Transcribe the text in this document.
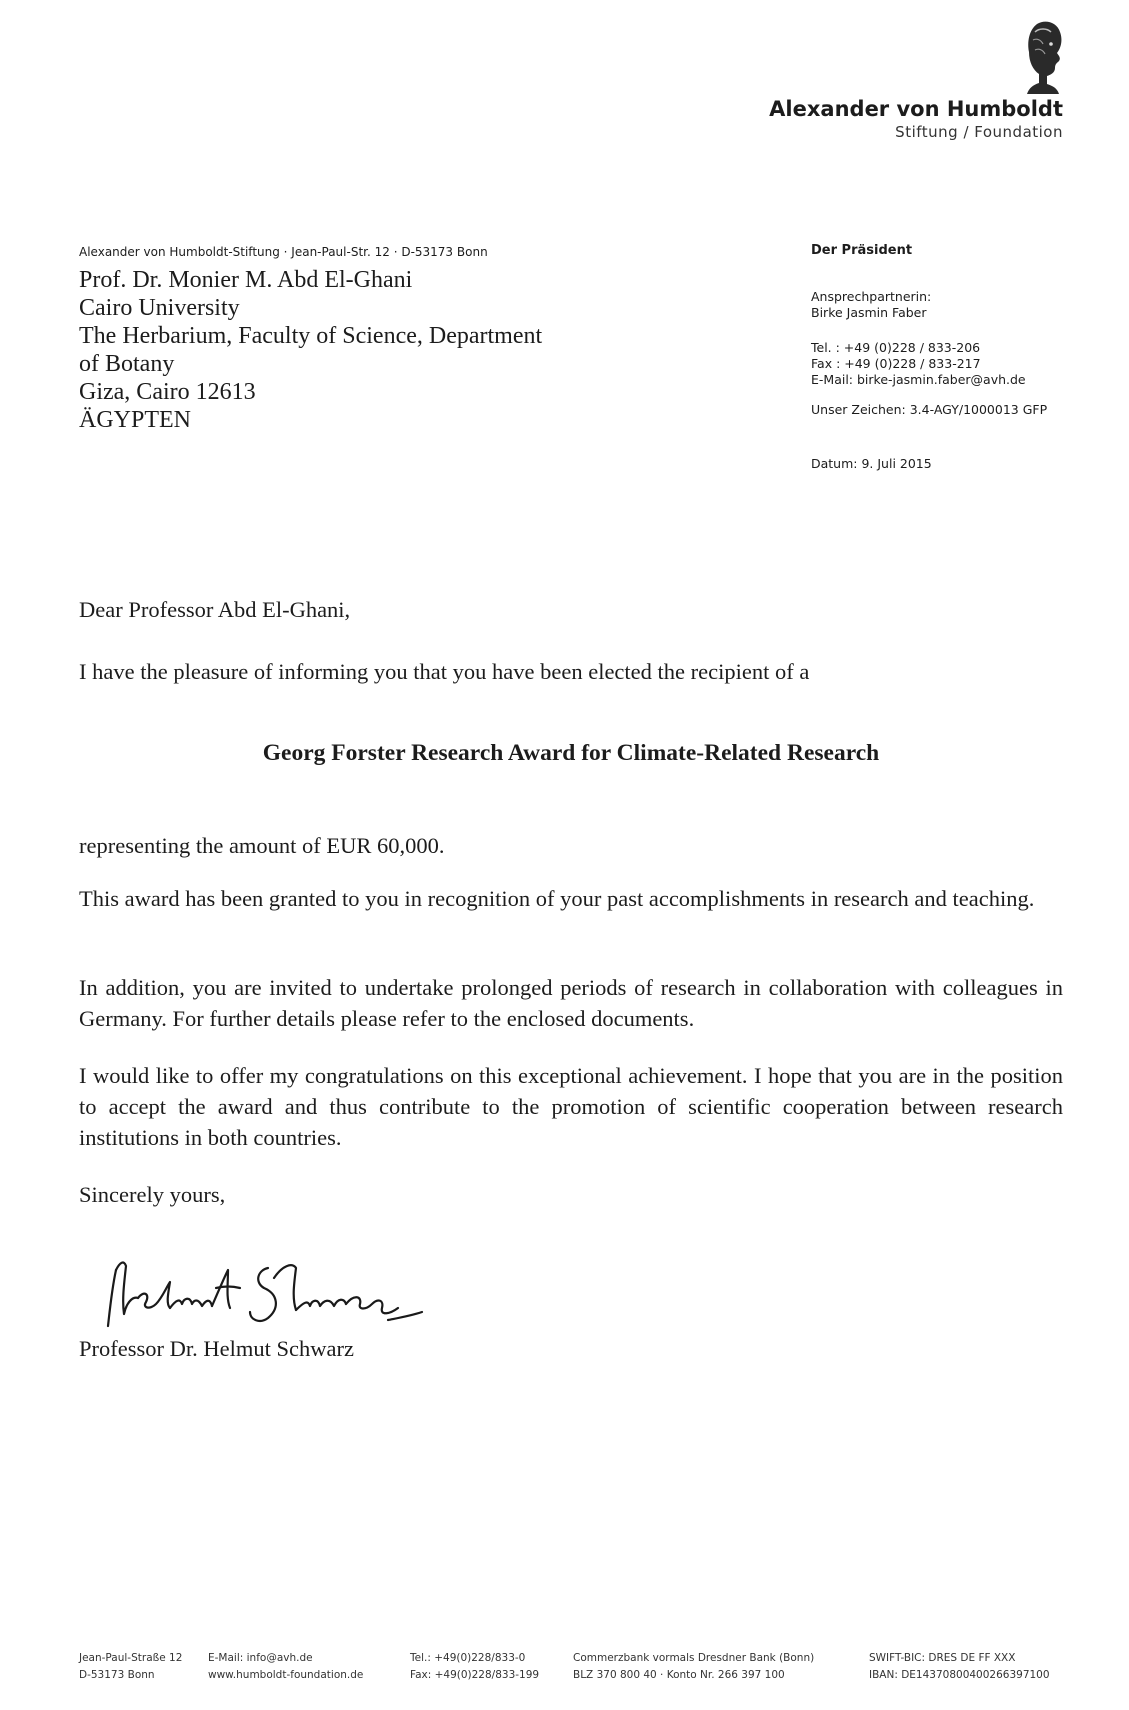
Alexander von Humboldt
Stiftung / Foundation
Alexander von Humboldt-Stiftung · Jean-Paul-Str. 12 · D-53173 Bonn
Prof. Dr. Monier M. Abd El-Ghani
Cairo University
The Herbarium, Faculty of Science, Department
of Botany
Giza, Cairo 12613
ÄGYPTEN
Der Präsident
Ansprechpartnerin:
Birke Jasmin Faber
Tel. : +49 (0)228 / 833-206
Fax : +49 (0)228 / 833-217
E-Mail: birke-jasmin.faber@avh.de
Unser Zeichen: 3.4-AGY/1000013 GFP
Datum: 9. Juli 2015
Dear Professor Abd El-Ghani,
I have the pleasure of informing you that you have been elected the recipient of a
Georg Forster Research Award for Climate-Related Research
representing the amount of EUR 60,000.
This award has been granted to you in recognition of your past accomplishments in research and teaching.
In addition, you are invited to undertake prolonged periods of research in collaboration with colleagues in Germany. For further details please refer to the enclosed documents.
I would like to offer my congratulations on this exceptional achievement. I hope that you are in the position to accept the award and thus contribute to the promotion of scientific cooperation between research institutions in both countries.
Sincerely yours,
Professor Dr. Helmut Schwarz
Jean-Paul-Straße 12
D-53173 Bonn
E-Mail: info@avh.de
www.humboldt-foundation.de
Tel.: +49(0)228/833-0
Fax: +49(0)228/833-199
Commerzbank vormals Dresdner Bank (Bonn)
BLZ 370 800 40 · Konto Nr. 266 397 100
SWIFT-BIC: DRES DE FF XXX
IBAN: DE14370800400266397100
